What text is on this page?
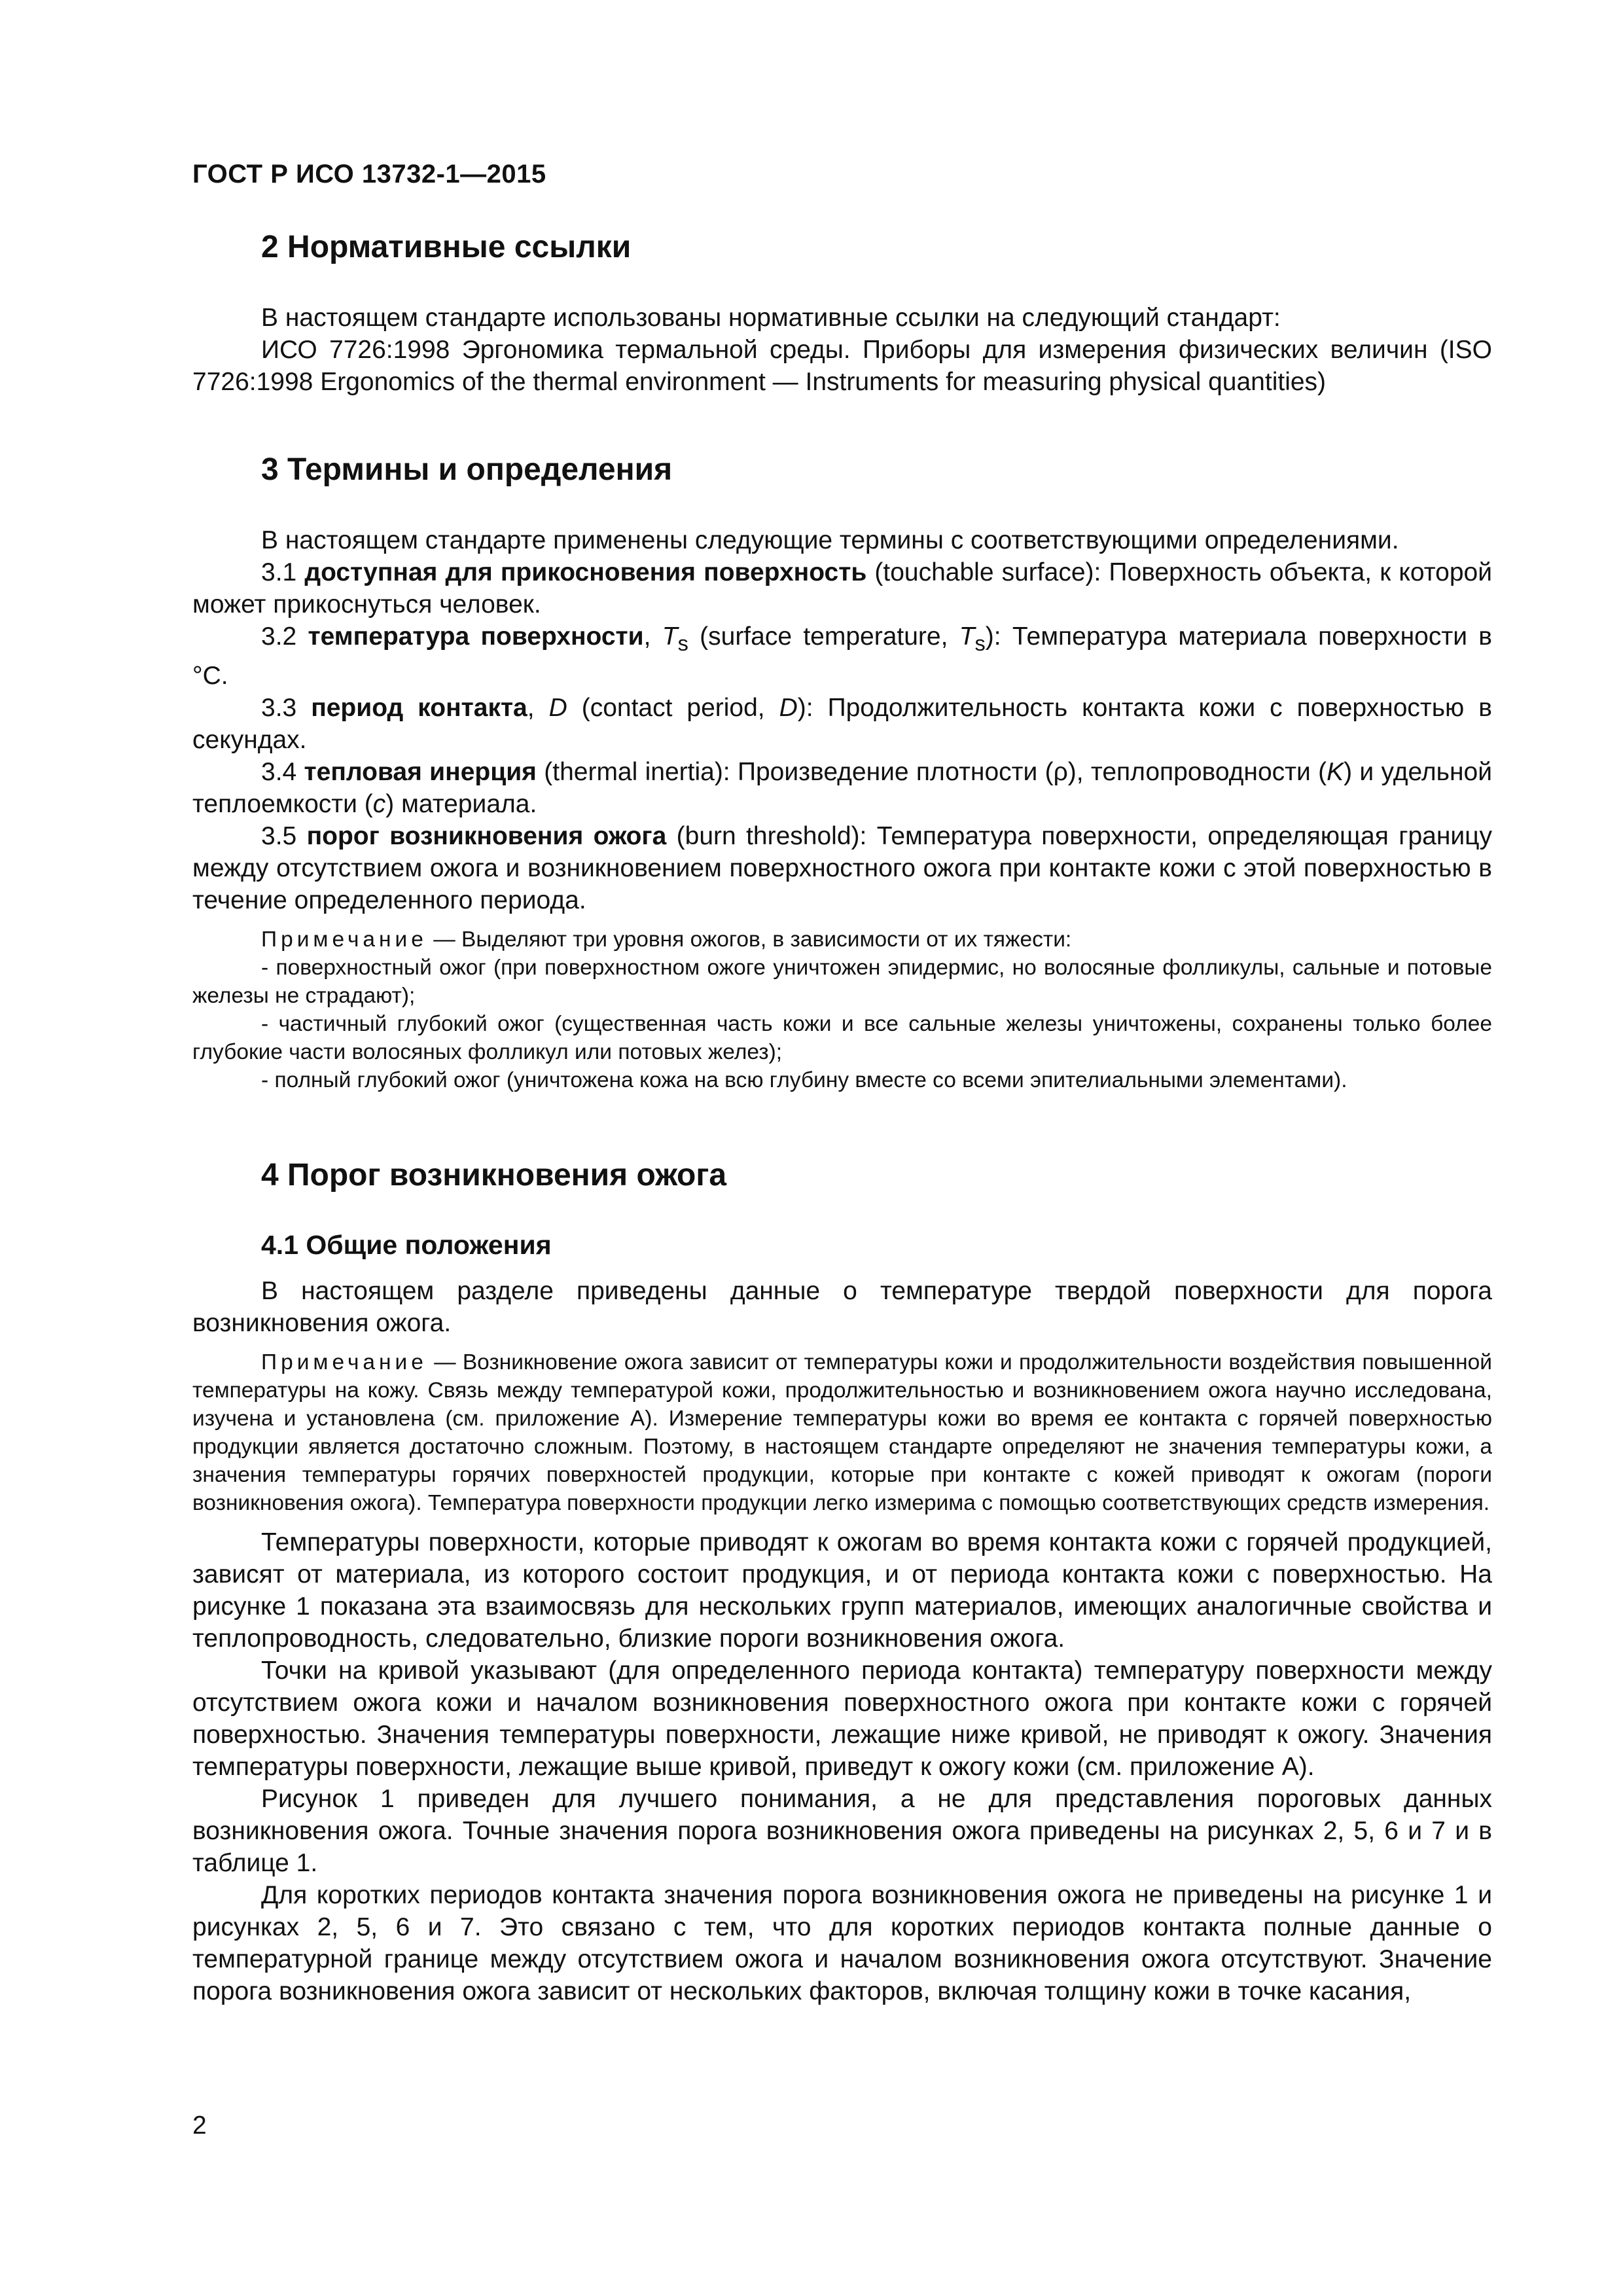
ГОСТ Р ИСО 13732-1—2015
2 Нормативные ссылки

В настоящем стандарте использованы нормативные ссылки на следующий стандарт:

ИСО 7726:1998 Эргономика термальной среды. Приборы для измерения физических величин (ISO 7726:1998 Ergonomics of the thermal environment — Instruments for measuring physical quantities)

3 Термины и определения

В настоящем стандарте применены следующие термины с соответствующими определениями.

3.1 доступная для прикосновения поверхность (touchable surface): Поверхность объекта, к которой может прикоснуться человек.

3.2 температура поверхности, $T_s$ (surface temperature, $T_s$): Температура материала поверхности в °С.

3.3 период контакта, D (contact period, D): Продолжительность контакта кожи с поверхностью в секундах.

3.4 тепловая инерция (thermal inertia): Произведение плотности (ρ), теплопроводности (K) и удельной теплоемкости (с) материала.

3.5 порог возникновения ожога (burn threshold): Температура поверхности, определяющая границу между отсутствием ожога и возникновением поверхностного ожога при контакте кожи с этой поверхностью в течение определенного периода.

Примечание — Выделяют три уровня ожогов, в зависимости от их тяжести:

- поверхностный ожог (при поверхностном ожоге уничтожен эпидермис, но волосяные фолликулы, сальные и потовые железы не страдают);

- частичный глубокий ожог (существенная часть кожи и все сальные железы уничтожены, сохранены только более глубокие части волосяных фолликул или потовых желез);

- полный глубокий ожог (уничтожена кожа на всю глубину вместе со всеми эпителиальными элементами).

4 Порог возникновения ожога
4.1 Общие положения

В настоящем разделе приведены данные о температуре твердой поверхности для порога возникновения ожога.

Примечание — Возникновение ожога зависит от температуры кожи и продолжительности воздействия повышенной температуры на кожу. Связь между температурой кожи, продолжительностью и возникновением ожога научно исследована, изучена и установлена (см. приложение А). Измерение температуры кожи во время ее контакта с горячей поверхностью продукции является достаточно сложным. Поэтому, в настоящем стандарте определяют не значения температуры кожи, а значения температуры горячих поверхностей продукции, которые при контакте с кожей приводят к ожогам (пороги возникновения ожога). Температура поверхности продукции легко измерима с помощью соответствующих средств измерения.

Температуры поверхности, которые приводят к ожогам во время контакта кожи с горячей продукцией, зависят от материала, из которого состоит продукция, и от периода контакта кожи с поверхностью. На рисунке 1 показана эта взаимосвязь для нескольких групп материалов, имеющих аналогичные свойства и теплопроводность, следовательно, близкие пороги возникновения ожога.

Точки на кривой указывают (для определенного периода контакта) температуру поверхности между отсутствием ожога кожи и началом возникновения поверхностного ожога при контакте кожи с горячей поверхностью. Значения температуры поверхности, лежащие ниже кривой, не приводят к ожогу. Значения температуры поверхности, лежащие выше кривой, приведут к ожогу кожи (см. приложение А).

Рисунок 1 приведен для лучшего понимания, а не для представления пороговых данных возникновения ожога. Точные значения порога возникновения ожога приведены на рисунках 2, 5, 6 и 7 и в таблице 1.

Для коротких периодов контакта значения порога возникновения ожога не приведены на рисунке 1 и рисунках 2, 5, 6 и 7. Это связано с тем, что для коротких периодов контакта полные данные о температурной границе между отсутствием ожога и началом возникновения ожога отсутствуют. Значение порога возникновения ожога зависит от нескольких факторов, включая толщину кожи в точке касания,

2
